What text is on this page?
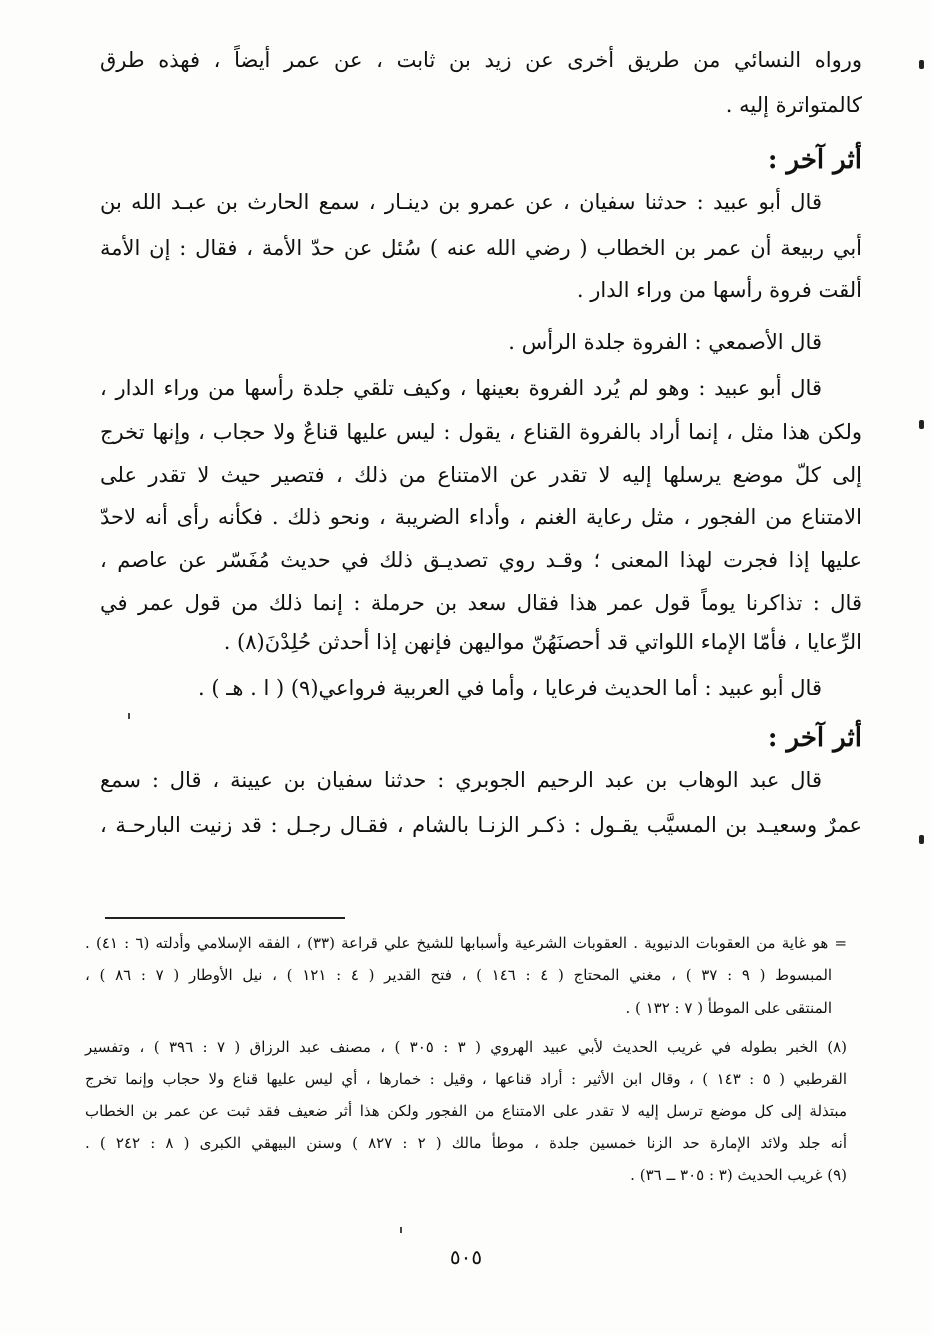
ورواه النسائي من طريق أخرى عن زيد بن ثابت ، عن عمر أيضاً ، فهذه طرق
كالمتواترة إليه .
أثر آخر :
قال أبو عبيد : حدثنا سفيان ، عن عمرو بن دينـار ، سمع الحارث بن عبـد الله بن
أبي ربيعة أن عمر بن الخطاب ( رضي الله عنه ) سُئل عن حدّ الأمة ، فقال : إن الأمة
ألقت فروة رأسها من وراء الدار .
قال الأصمعي : الفروة جلدة الرأس .
قال أبو عبيد : وهو لم يُرد الفروة بعينها ، وكيف تلقي جلدة رأسها من وراء الدار ،
ولكن هذا مثل ، إنما أراد بالفروة القناع ، يقول : ليس عليها قناعٌ ولا حجاب ، وإنها تخرج
إلى كلّ موضع يرسلها إليه لا تقدر عن الامتناع من ذلك ، فتصير حيث لا تقدر على
الامتناع من الفجور ، مثل رعاية الغنم ، وأداء الضريبة ، ونحو ذلك . فكأنه رأى أنه لاحدّ
عليها إذا فجرت لهذا المعنى ؛ وقـد روي تصديـق ذلك في حديث مُفَسّر عن عاصم ،
قال : تذاكرنا يوماً قول عمر هذا فقال سعد بن حرملة : إنما ذلك من قول عمر في
الرِّعايا ، فأمّا الإماء اللواتي قد أحصنَهُنّ مواليهن فإنهن إذا أحدثن حُلِدْنَ(٨) .
قال أبو عبيد : أما الحديث فرعايا ، وأما في العربية فرواعي(٩) ( ا . هـ ) .
أثر آخر :
قال عبد الوهاب بن عبد الرحيم الجوبري : حدثنا سفيان بن عيينة ، قال : سمع
عمرٌ وسعيـد بن المسيَّب يقـول : ذكـر الزنـا بالشام ، فقـال رجـل : قد زنيت البارحـة ،
= هو غاية من العقوبات الدنيوية . العقوبات الشرعية وأسبابها للشيخ علي قراعة (٣٣) ، الفقه الإسلامي وأدلته (٦ : ٤١) .
المبسوط ( ٩ : ٣٧ ) ، مغني المحتاج ( ٤ : ١٤٦ ) ، فتح القدير ( ٤ : ١٢١ ) ، نيل الأوطار ( ٧ : ٨٦ ) ،
المنتقى على الموطأ ( ٧ : ١٣٢ ) .
(٨) الخبر بطوله في غريب الحديث لأبي عبيد الهروي ( ٣ : ٣٠٥ ) ، مصنف عبد الرزاق ( ٧ : ٣٩٦ ) ، وتفسير
القرطبي ( ٥ : ١٤٣ ) ، وقال ابن الأثير : أراد قناعها ، وقيل : خمارها ، أي ليس عليها قناع ولا حجاب وإنما تخرج
مبتذلة إلى كل موضع ترسل إليه لا تقدر على الامتناع من الفجور ولكن هذا أثر ضعيف فقد ثبت عن عمر بن الخطاب
أنه جلد ولائد الإمارة حد الزنا خمسين جلدة ، موطأ مالك ( ٢ : ٨٢٧ ) وسنن البيهقي الكبرى ( ٨ : ٢٤٢ ) .
(٩) غريب الحديث (٣ : ٣٠٥ ــ ٣٦) .
٥٠٥
